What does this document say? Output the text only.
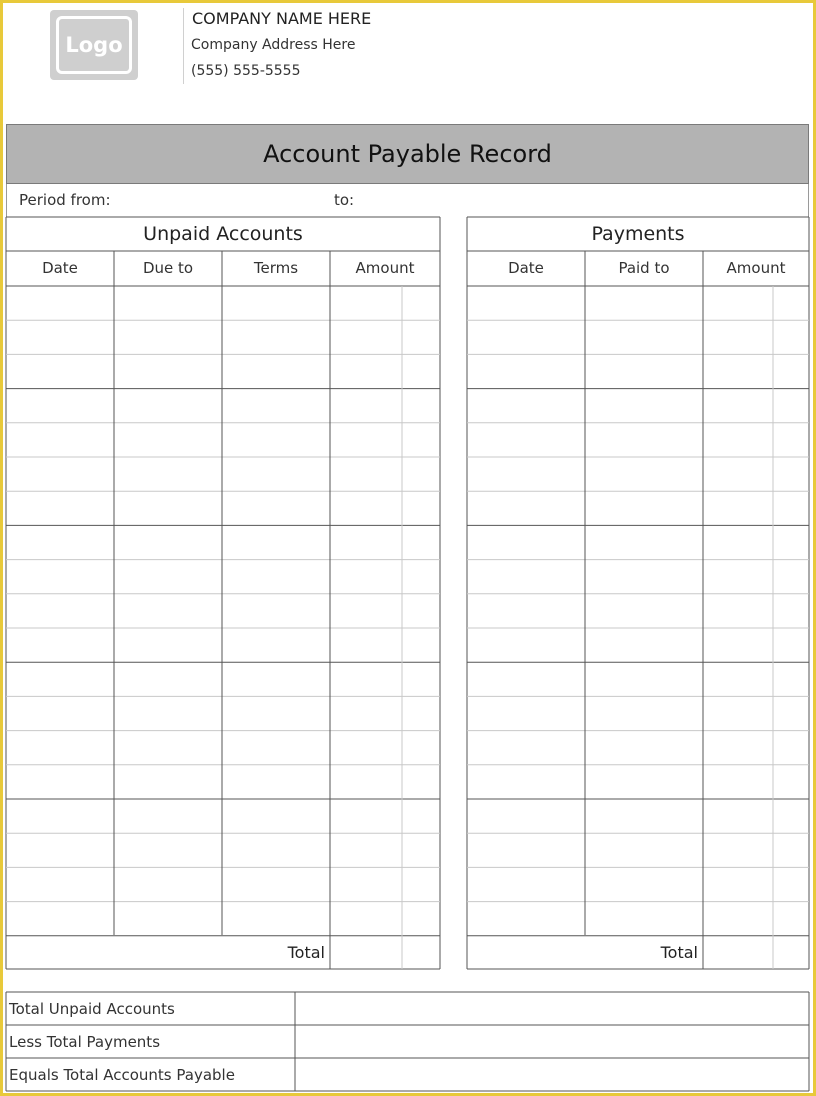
Logo
COMPANY NAME HERE
Company Address Here
(555) 555-5555
Account Payable Record
Period from:	to:
Unpaid Accounts
Date	Due to	Terms	Amount
Total
Payments
Date	Paid to	Amount
Total
Total Unpaid Accounts
Less Total Payments
Equals Total Accounts Payable
